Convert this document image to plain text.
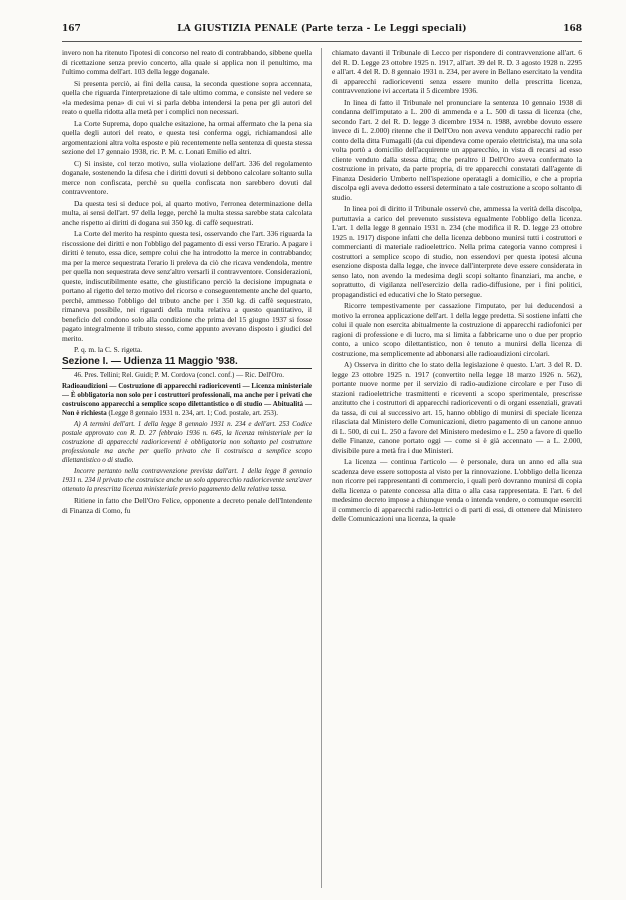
167	LA GIUSTIZIA PENALE (Parte terza - Le Leggi speciali)	168

invero non ha ritenuto l'ipotesi di concorso nel reato di contrabbando, sibbene quella di ricettazione senza previo concerto, alla quale si applica non il penultimo, ma l'ultimo comma dell'art. 103 della legge doganale.

Si presenta perciò, ai fini della causa, la seconda questione sopra accennata, quella che riguarda l'interpretazione di tale ultimo comma, e consiste nel vedere se «la medesima pena» di cui vi si parla debba intendersi la pena per gli autori del reato o quella ridotta alla metà per i complici non necessari.

La Corte Suprema, dopo qualche esitazione, ha ormai affermato che la pena sia quella degli autori del reato, e questa tesi conferma oggi, richiamandosi alle argomentazioni altra volta esposte e più recentemente nella sentenza di questa stessa sezione del 17 gennaio 1938, ric. P. M. c. Lonati Emilio ed altri.

C) Si insiste, col terzo motivo, sulla violazione dell'art. 336 del regolamento doganale, sostenendo la difesa che i diritti dovuti si debbono calcolare soltanto sulla merce non confiscata, perchè su quella confiscata non sarebbero dovuti dal contravventore.

Da questa tesi si deduce poi, al quarto motivo, l'erronea determinazione della multa, ai sensi dell'art. 97 della legge, perchè la multa stessa sarebbe stata calcolata anche rispetto ai diritti di dogana sui 350 kg. di caffè sequestrati.

La Corte del merito ha respinto questa tesi, osservando che l'art. 336 riguarda la riscossione dei diritti e non l'obbligo del pagamento di essi verso l'Erario. A pagare i diritti è tenuto, essa dice, sempre colui che ha introdotto la merce in contrabbando; ma per la merce sequestrata l'erario li preleva da ciò che ricava vendendola, mentre per quella non sequestrata deve senz'altro versarli il contravventore. Considerazioni, queste, indiscutibilmente esatte, che giustificano perciò la decisione impugnata e portano al rigetto del terzo motivo del ricorso e conseguentemente anche del quarto, perchè, ammesso l'obbligo del tributo anche per i 350 kg. di caffè sequestrato, rimaneva possibile, nei riguardi della multa relativa a questo quantitativo, il beneficio del condono solo alla condizione che prima del 15 giugno 1937 si fosse pagato integralmente il tributo stesso, come appunto avevano disposto i giudici del merito.

P. q. m. la C. S. rigetta.

Sezione I. — Udienza 11 Maggio '938.

46. Pres. Tellini; Rel. Guidi; P. M. Cordova (concl. conf.) — Ric. Dell'Oro.

Radioaudizioni — Costruzione di apparecchi radioriceventi — Licenza ministeriale — È obbligatoria non solo per i costruttori professionali, ma anche per i privati che costruiscono apparecchi a semplice scopo dilettantistico o di studio — Abituali​tà — Non è richiesta (Legge 8 gennaio 1931 n. 234, art. 1; Cod. postale, art. 253).

A) A termini dell'art. 1 della legge 8 gennaio 1931 n. 234 e dell'art. 253 Codice postale approvato con R. D. 27 febbraio 1936 n. 645, la licenza ministeriale per la costruzione di apparecchi radioriceventi è obbligatoria non soltanto pel costruttore professionale ma anche per quello privato che li costruisca a semplice scopo dilettantistico o di studio.

Incorre pertanto nella contravvenzione prevista dall'art. 1 della legge 8 gennaio 1931 n. 234 il privato che costruisce anche un solo apparecchio radioricevente senz'aver ottenuto la prescritta licenza ministeriale previo pagamento della relativa tassa.

Ritiene in fatto che Dell'Oro Felice, opponente a decreto penale dell'Intendente di Finanza di Como, fu

chiamato davanti il Tribunale di Lecco per rispondere di contravvenzione all'art. 6 del R. D. Legge 23 ottobre 1925 n. 1917, all'art. 39 del R. D. 3 agosto 1928 n. 2295 e all'art. 4 del R. D. 8 gennaio 1931 n. 234, per avere in Bellano esercitato la vendita di apparecchi radioriceventi senza essere munito della prescritta licenza, contravvenzione ivi accertata il 5 dicembre 1936.

In linea di fatto il Tribunale nel pronunciare la sentenza 10 gennaio 1938 di condanna dell'imputato a L. 200 di ammenda e a L. 500 di tassa di licenza (che, secondo l'art. 2 del R. D. legge 3 dicembre 1934 n. 1988, avrebbe dovuto essere invece di L. 2.000) ritenne che il Dell'Oro non aveva venduto apparecchi radio per conto della ditta Fumagalli (da cui dipendeva come operaio elettricista), ma una sola volta portò a domicilio dell'acquirente un apparecchio, in vista di recarsi ad esso cliente venduto dalla stessa ditta; che peraltro il Dell'Oro aveva confermato la costruzione in privato, da parte propria, di tre apparecchi constatati dall'agente di Finanza Desiderio Umberto nell'ispezione operatagli a domicilio, e che a propria discolpa egli aveva dedotto essersi determinato a tale costruzione a scopo soltanto di studio.

In linea poi di diritto il Tribunale osservò che, ammessa la verità della discolpa, purtuttavia a carico del prevenuto sussisteva egualmente l'obbligo della licenza. L'art. 1 della legge 8 gennaio 1931 n. 234 (che modifica il R. D. legge 23 ottobre 1925 n. 1917) dispone infatti che della licenza debbono munirsi tutti i costruttori e commercianti di materiale radioelettrico. Nella prima categoria vanno compresi i costruttori a semplice scopo di studio, non essendovi per questa ipotesi alcuna esenzione disposta dalla legge, che invece dall'interprete deve essere considerata in senso lato, non avendo la medesima degli scopi soltanto finanziari, ma anche, e soprattutto, di vigilanza nell'esercizio della radio-diffusione, per i fini politici, propagandistici ed educativi che lo Stato persegue.

Ricorre tempestivamente per cassazione l'imputato, per lui deducendosi a motivo la erronea applicazione dell'art. 1 della legge predetta. Si sostiene infatti che colui il quale non esercita abitualmente la costruzione di apparecchi radiofonici per ragioni di professione e di lucro, ma si limita a fabbricarne uno o due per proprio conto, a unico scopo dilettantistico, non è tenuto a munirsi della licenza di costruzione, ma semplicemente ad abbonarsi alle radioaudizioni circolari.

A) Osserva in diritto che lo stato della legislazione è questo. L'art. 3 del R. D. legge 23 ottobre 1925 n. 1917 (convertito nella legge 18 marzo 1926 n. 562), portante nuove norme per il servizio di radio-audizione circolare e per l'uso di stazioni radioelettriche trasmittenti e riceventi a scopo sperimentale, prescrisse anzitutto che i costruttori di apparecchi radioriceventi o di organi essenziali, gravati da tassa, di cui al successivo art. 15, hanno obbligo di munirsi di speciale licenza rilasciata dal Ministero delle Comunicazioni, dietro pagamento di un canone annuo di L. 500, di cui L. 250 a favore del Ministero medesimo e L. 250 a favore di quello delle Finanze, canone portato oggi — come si è già accennato — a L. 2.000, divisibile pure a metà fra i due Ministeri.

La licenza — continua l'articolo — è personale, dura un anno ed alla sua scadenza deve essere sottoposta al visto per la rinnovazione. L'obbligo della licenza non ricorre pei rappresentanti di commercio, i quali però dovranno munirsi di copia della licenza o patente concessa alla ditta o alla casa rappresentata. E l'art. 6 del medesimo decreto impose a chiunque venda o intenda vendere, o comunque eserciti il commercio di apparecchi radio-lettrici o di parti di essi, di ottenere dal Ministero delle Comunicazioni una licenza, la quale
